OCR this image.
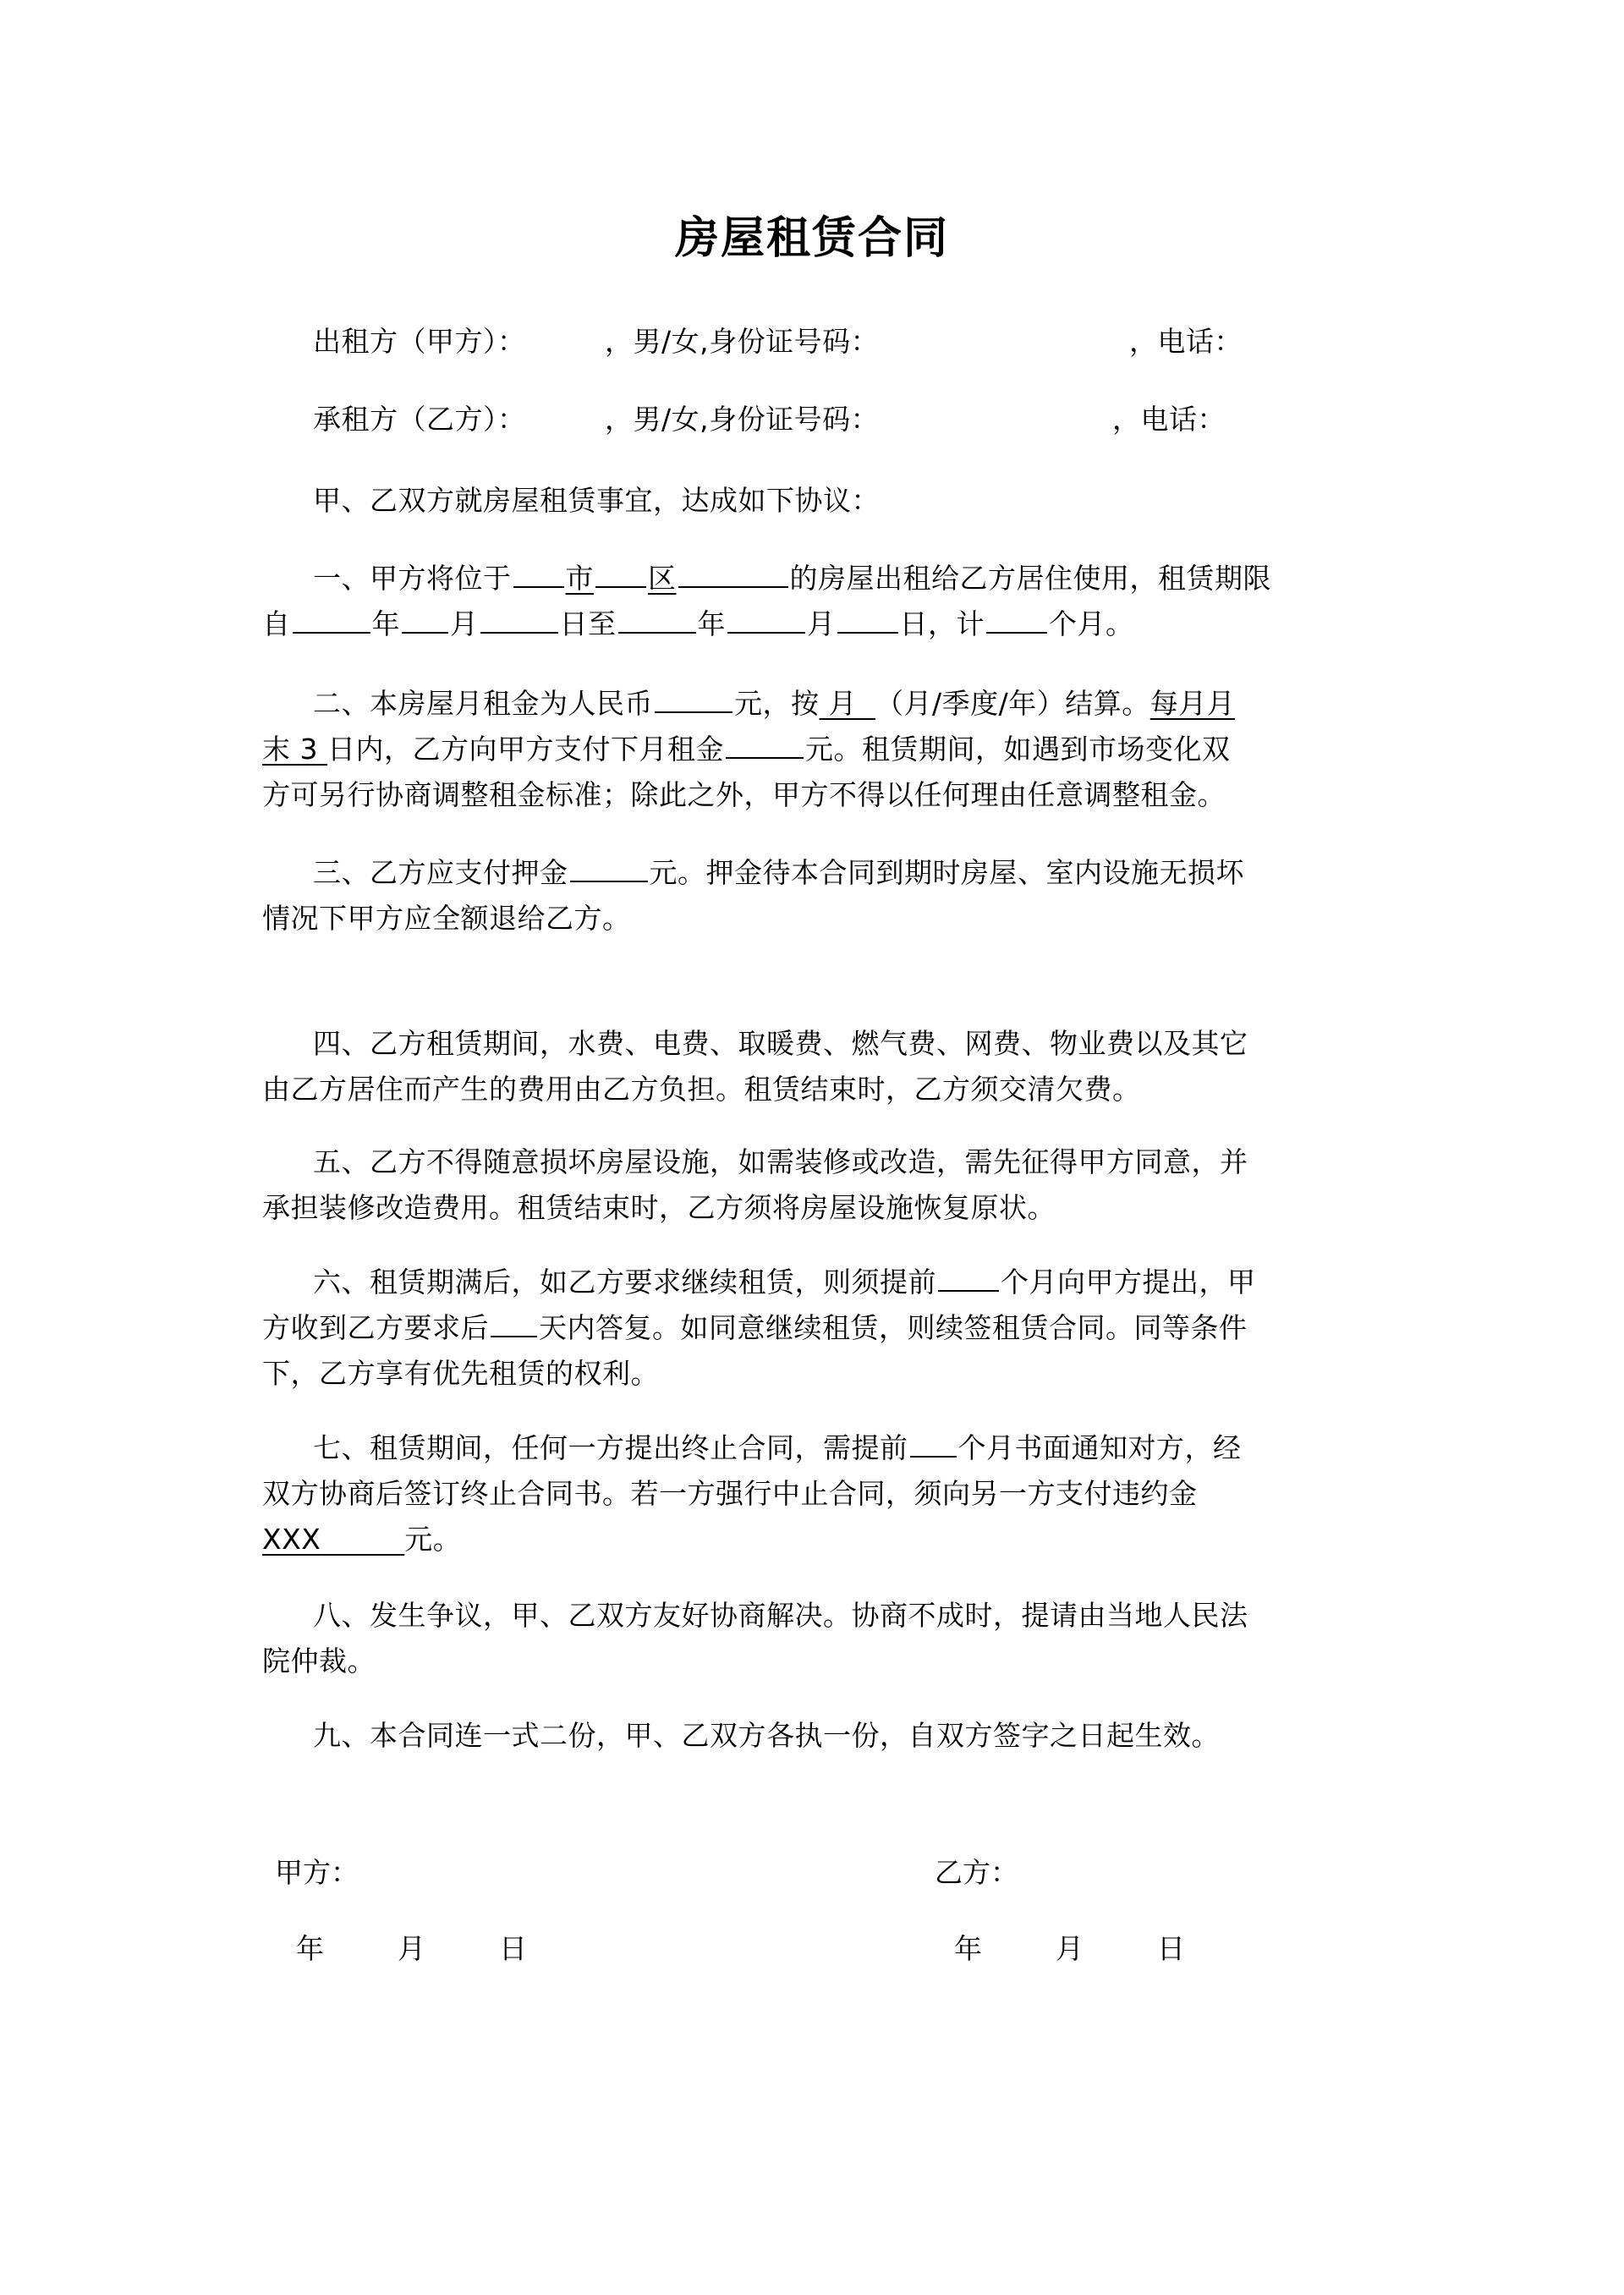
房屋租赁合同
出租方（甲方）：	，男/女,身份证号码：	，电话：
承租方（乙方）：	，男/女,身份证号码：	，电话：
甲、乙双方就房屋租赁事宜，达成如下协议：
一、甲方将位于 市 区	的房屋出租给乙方居住使用，租赁期限
自	年 月	日至	年	月 日，计 个月。
二、本房屋月租金为人民币	元，按 月 （月/季度/年）结算。每月月
末 3 日内，乙方向甲方支付下月租金	元。租赁期间，如遇到市场变化双
方可另行协商调整租金标准；除此之外，甲方不得以任何理由任意调整租金。
三、乙方应支付押金	元。押金待本合同到期时房屋、室内设施无损坏
情况下甲方应全额退给乙方。
四、乙方租赁期间，水费、电费、取暖费、燃气费、网费、物业费以及其它
由乙方居住而产生的费用由乙方负担。租赁结束时，乙方须交清欠费。
五、乙方不得随意损坏房屋设施，如需装修或改造，需先征得甲方同意，并
承担装修改造费用。租赁结束时，乙方须将房屋设施恢复原状。
六、租赁期满后，如乙方要求继续租赁，则须提前 个月向甲方提出，甲
方收到乙方要求后 天内答复。如同意继续租赁，则续签租赁合同。同等条件
下，乙方享有优先租赁的权利。
七、租赁期间，任何一方提出终止合同，需提前 个月书面通知对方，经
双方协商后签订终止合同书。若一方强行中止合同，须向另一方支付违约金
XXX	元。
八、发生争议，甲、乙双方友好协商解决。协商不成时，提请由当地人民法
院仲裁。
九、本合同连一式二份，甲、乙双方各执一份，自双方签字之日起生效。
甲方：	乙方：
年	月	日	年	月	日
